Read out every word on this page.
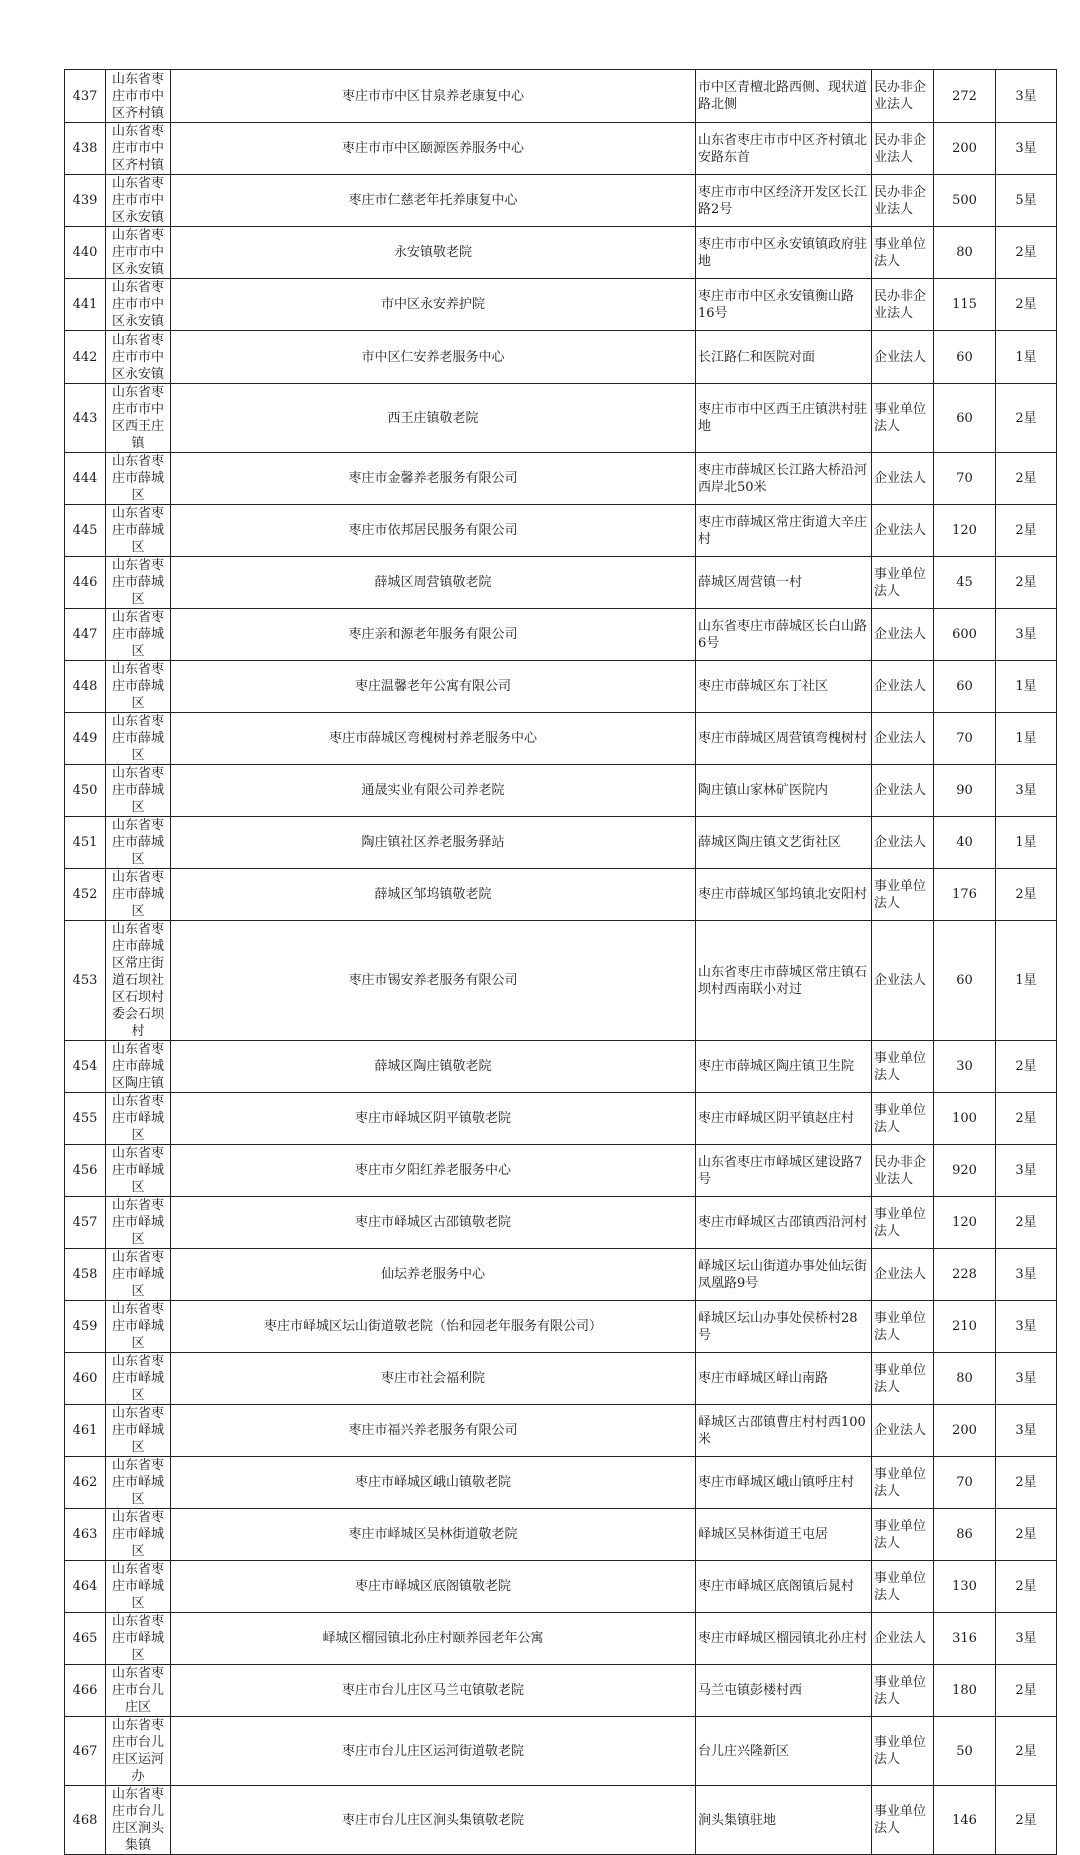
437	山东省枣庄市市中区齐村镇	枣庄市市中区甘泉养老康复中心	市中区青檀北路西侧、现状道路北侧	民办非企业法人	272	3星
438	山东省枣庄市市中区齐村镇	枣庄市市中区颐源医养服务中心	山东省枣庄市市中区齐村镇北安路东首	民办非企业法人	200	3星
439	山东省枣庄市市中区永安镇	枣庄市仁慈老年托养康复中心	枣庄市市中区经济开发区长江路2号	民办非企业法人	500	5星
440	山东省枣庄市市中区永安镇	永安镇敬老院	枣庄市市中区永安镇镇政府驻地	事业单位法人	80	2星
441	山东省枣庄市市中区永安镇	市中区永安养护院	枣庄市市中区永安镇衡山路16号	民办非企业法人	115	2星
442	山东省枣庄市市中区永安镇	市中区仁安养老服务中心	长江路仁和医院对面	企业法人	60	1星
443	山东省枣庄市市中区西王庄镇	西王庄镇敬老院	枣庄市市中区西王庄镇洪村驻地	事业单位法人	60	2星
444	山东省枣庄市薛城区	枣庄市金馨养老服务有限公司	枣庄市薛城区长江路大桥沿河西岸北50米	企业法人	70	2星
445	山东省枣庄市薛城区	枣庄市依邦居民服务有限公司	枣庄市薛城区常庄街道大辛庄村	企业法人	120	2星
446	山东省枣庄市薛城区	薛城区周营镇敬老院	薛城区周营镇一村	事业单位法人	45	2星
447	山东省枣庄市薛城区	枣庄亲和源老年服务有限公司	山东省枣庄市薛城区长白山路6号	企业法人	600	3星
448	山东省枣庄市薛城区	枣庄温馨老年公寓有限公司	枣庄市薛城区东丁社区	企业法人	60	1星
449	山东省枣庄市薛城区	枣庄市薛城区弯槐树村养老服务中心	枣庄市薛城区周营镇弯槐树村	企业法人	70	1星
450	山东省枣庄市薛城区	通晟实业有限公司养老院	陶庄镇山家林矿医院内	企业法人	90	3星
451	山东省枣庄市薛城区	陶庄镇社区养老服务驿站	薛城区陶庄镇文艺街社区	企业法人	40	1星
452	山东省枣庄市薛城区	薛城区邹坞镇敬老院	枣庄市薛城区邹坞镇北安阳村	事业单位法人	176	2星
453	山东省枣庄市薛城区常庄街道石坝社区石坝村委会石坝村	枣庄市锡安养老服务有限公司	山东省枣庄市薛城区常庄镇石坝村西南联小对过	企业法人	60	1星
454	山东省枣庄市薛城区陶庄镇	薛城区陶庄镇敬老院	枣庄市薛城区陶庄镇卫生院	事业单位法人	30	2星
455	山东省枣庄市峄城区	枣庄市峄城区阴平镇敬老院	枣庄市峄城区阴平镇赵庄村	事业单位法人	100	2星
456	山东省枣庄市峄城区	枣庄市夕阳红养老服务中心	山东省枣庄市峄城区建设路7号	民办非企业法人	920	3星
457	山东省枣庄市峄城区	枣庄市峄城区古邵镇敬老院	枣庄市峄城区古邵镇西沿河村	事业单位法人	120	2星
458	山东省枣庄市峄城区	仙坛养老服务中心	峄城区坛山街道办事处仙坛街凤凰路9号	企业法人	228	3星
459	山东省枣庄市峄城区	枣庄市峄城区坛山街道敬老院（怡和园老年服务有限公司）	峄城区坛山办事处侯桥村28号	事业单位法人	210	3星
460	山东省枣庄市峄城区	枣庄市社会福利院	枣庄市峄城区峄山南路	事业单位法人	80	3星
461	山东省枣庄市峄城区	枣庄市福兴养老服务有限公司	峄城区古邵镇曹庄村村西100米	企业法人	200	3星
462	山东省枣庄市峄城区	枣庄市峄城区峨山镇敬老院	枣庄市峄城区峨山镇呼庄村	事业单位法人	70	2星
463	山东省枣庄市峄城区	枣庄市峄城区吴林街道敬老院	峄城区吴林街道王屯居	事业单位法人	86	2星
464	山东省枣庄市峄城区	枣庄市峄城区底阁镇敬老院	枣庄市峄城区底阁镇后晁村	事业单位法人	130	2星
465	山东省枣庄市峄城区	峄城区榴园镇北孙庄村颐养园老年公寓	枣庄市峄城区榴园镇北孙庄村	企业法人	316	3星
466	山东省枣庄市台儿庄区	枣庄市台儿庄区马兰屯镇敬老院	马兰屯镇彭楼村西	事业单位法人	180	2星
467	山东省枣庄市台儿庄区运河办	枣庄市台儿庄区运河街道敬老院	台儿庄兴隆新区	事业单位法人	50	2星
468	山东省枣庄市台儿庄区涧头集镇	枣庄市台儿庄区涧头集镇敬老院	涧头集镇驻地	事业单位法人	146	2星
